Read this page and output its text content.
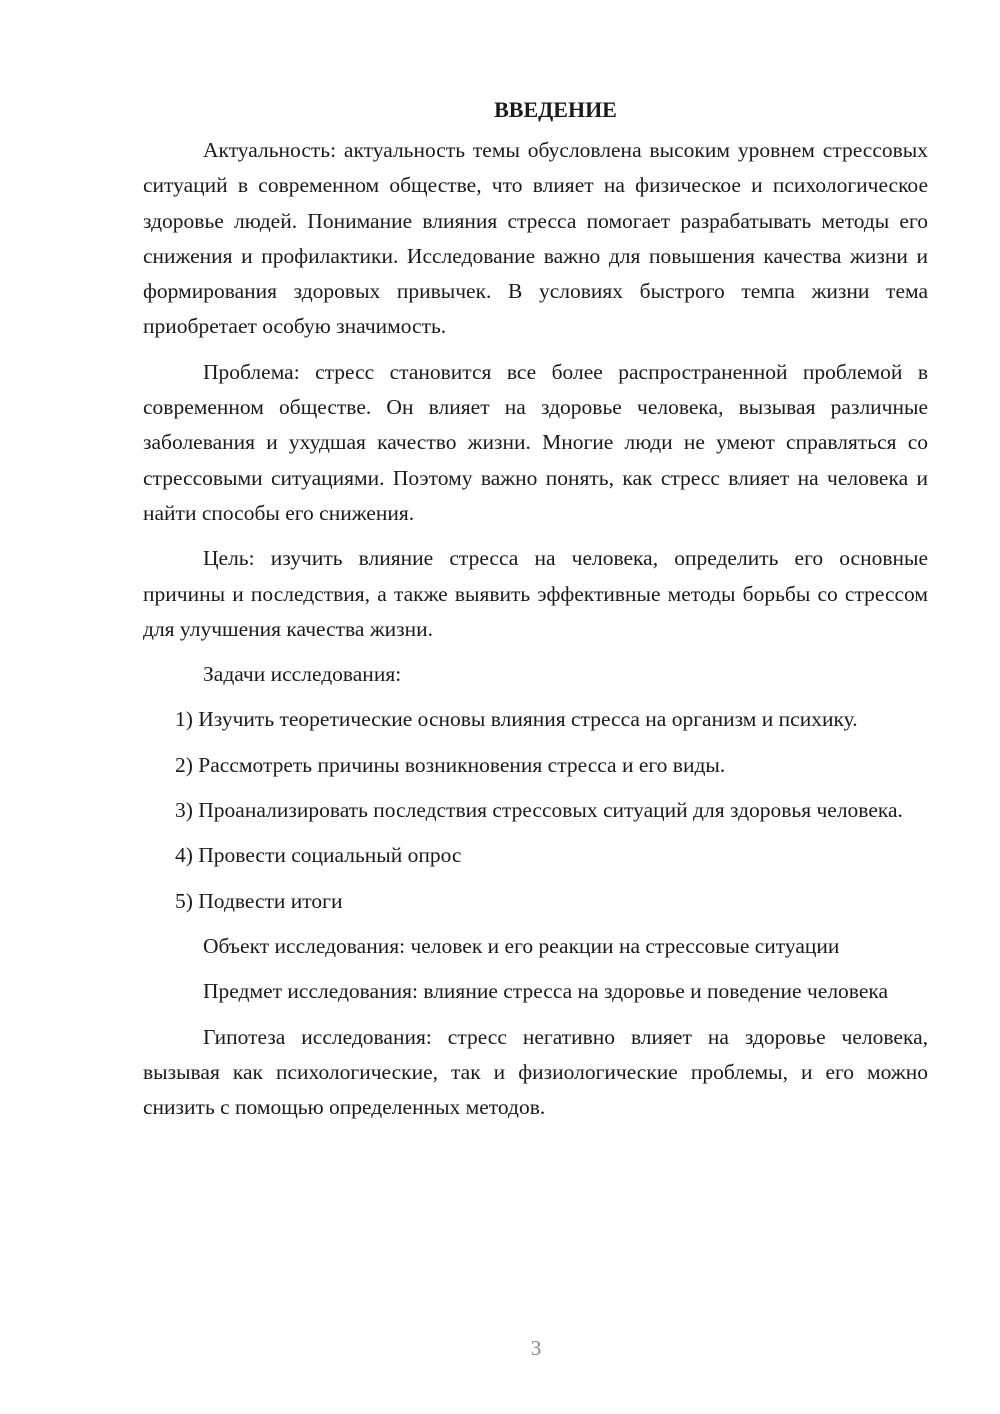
ВВЕДЕНИЕ

Актуальность: актуальность темы обусловлена высоким уровнем стрессовых ситуаций в современном обществе, что влияет на физическое и психологическое здоровье людей. Понимание влияния стресса помогает разрабатывать методы его снижения и профилактики. Исследование важно для повышения качества жизни и формирования здоровых привычек. В условиях быстрого темпа жизни тема приобретает особую значимость.

Проблема: стресс становится все более распространенной проблемой в современном обществе. Он влияет на здоровье человека, вызывая различные заболевания и ухудшая качество жизни. Многие люди не умеют справляться со стрессовыми ситуациями. Поэтому важно понять, как стресс влияет на человека и найти способы его снижения.

Цель: изучить влияние стресса на человека, определить его основные причины и последствия, а также выявить эффективные методы борьбы со стрессом для улучшения качества жизни.

Задачи исследования:

1) Изучить теоретические основы влияния стресса на организм и психику.

2) Рассмотреть причины возникновения стресса и его виды.

3) Проанализировать последствия стрессовых ситуаций для здоровья человека.

4) Провести социальный опрос

5) Подвести итоги

Объект исследования: человек и его реакции на стрессовые ситуации

Предмет исследования: влияние стресса на здоровье и поведение человека

Гипотеза исследования: стресс негативно влияет на здоровье человека, вызывая как психологические, так и физиологические проблемы, и его можно снизить с помощью определенных методов.

3
